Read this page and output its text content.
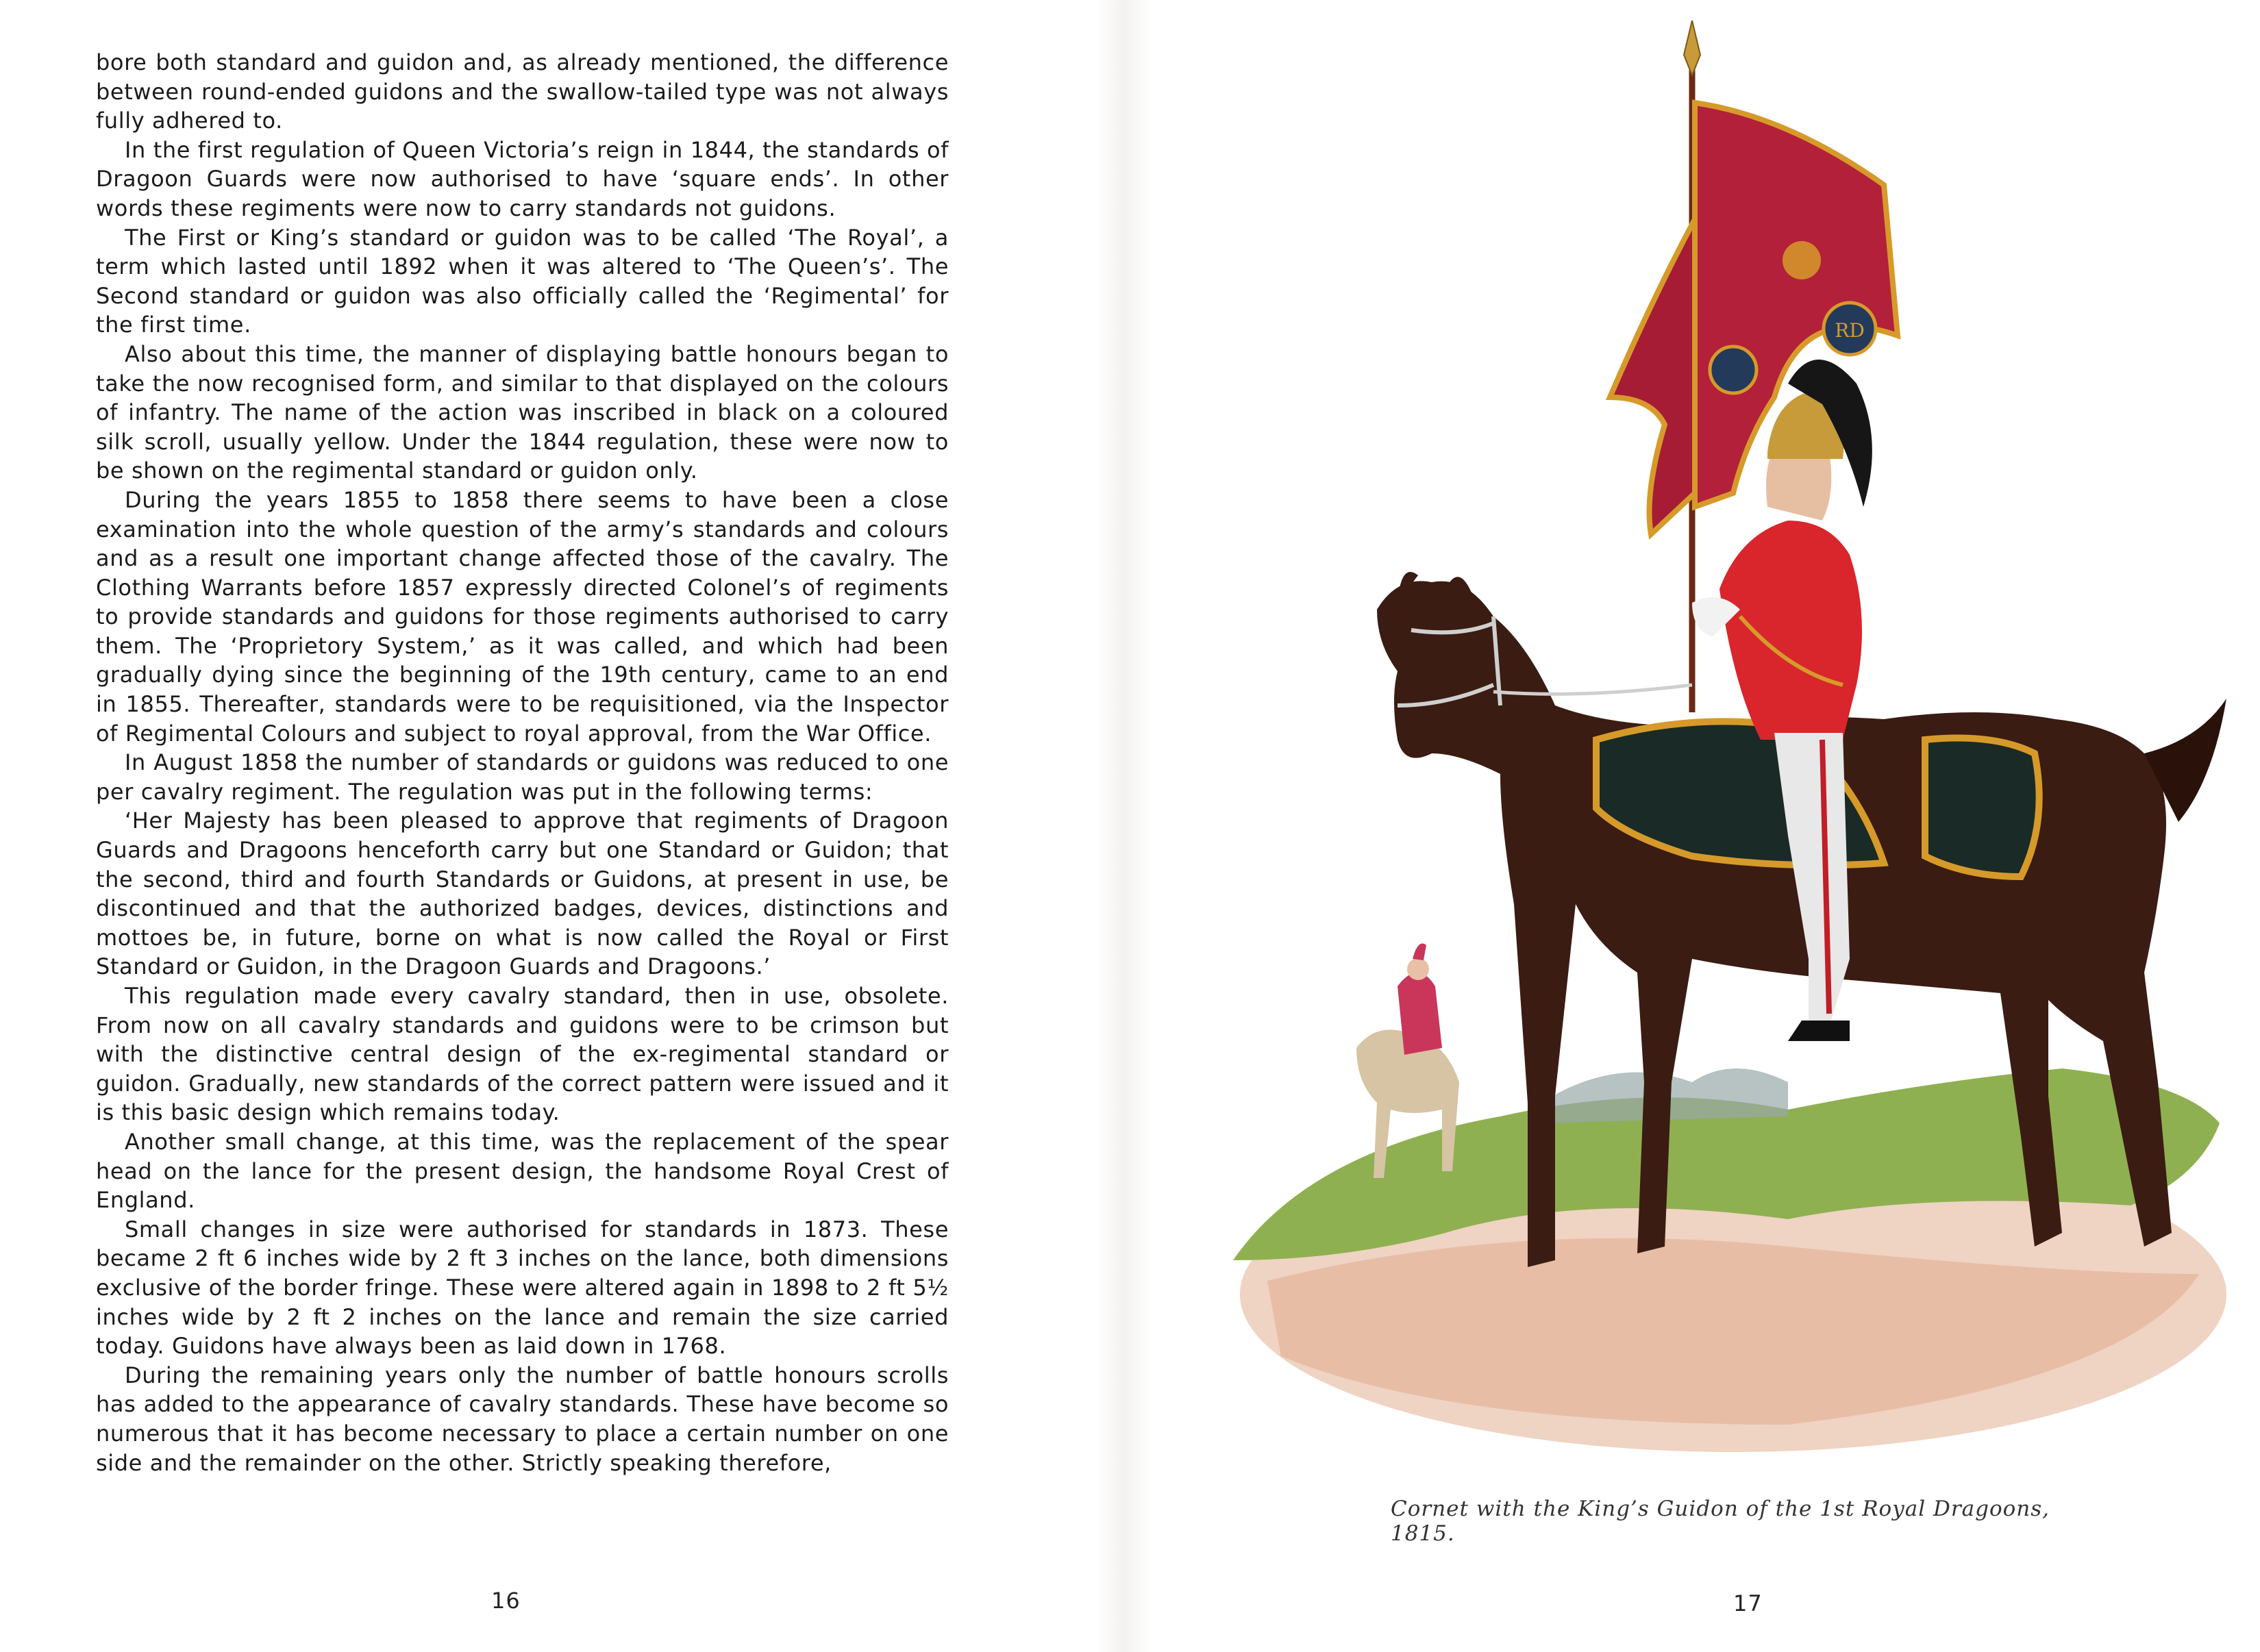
bore both standard and guidon and, as already mentioned, the difference between round-ended guidons and the swallow-tailed type was not always fully adhered to.

In the first regulation of Queen Victoria’s reign in 1844, the standards of Dragoon Guards were now authorised to have ‘square ends’. In other words these regiments were now to carry standards not guidons.

The First or King’s standard or guidon was to be called ‘The Royal’, a term which lasted until 1892 when it was altered to ‘The Queen’s’. The Second standard or guidon was also officially called the ‘Regimental’ for the first time.

Also about this time, the manner of displaying battle honours began to take the now recognised form, and similar to that displayed on the colours of infantry. The name of the action was inscribed in black on a coloured silk scroll, usually yellow. Under the 1844 regulation, these were now to be shown on the regimental standard or guidon only.

During the years 1855 to 1858 there seems to have been a close examination into the whole question of the army’s standards and colours and as a result one important change affected those of the cavalry. The Clothing Warrants before 1857 expressly directed Colonel’s of regiments to provide standards and guidons for those regiments authorised to carry them. The ‘Proprietory System,’ as it was called, and which had been gradually dying since the beginning of the 19th century, came to an end in 1855. Thereafter, standards were to be requisitioned, via the Inspector of Regimental Colours and subject to royal approval, from the War Office.

In August 1858 the number of standards or guidons was reduced to one per cavalry regiment. The regulation was put in the following terms:

‘Her Majesty has been pleased to approve that regiments of Dragoon Guards and Dragoons henceforth carry but one Standard or Guidon; that the second, third and fourth Standards or Guidons, at present in use, be discontinued and that the authorized badges, devices, distinctions and mottoes be, in future, borne on what is now called the Royal or First Standard or Guidon, in the Dragoon Guards and Dragoons.’

This regulation made every cavalry standard, then in use, obsolete. From now on all cavalry standards and guidons were to be crimson but with the distinctive central design of the ex-regimental standard or guidon. Gradually, new standards of the correct pattern were issued and it is this basic design which remains today.

Another small change, at this time, was the replacement of the spear head on the lance for the present design, the handsome Royal Crest of England.

Small changes in size were authorised for standards in 1873. These became 2 ft 6 inches wide by 2 ft 3 inches on the lance, both dimensions exclusive of the border fringe. These were altered again in 1898 to 2 ft 5½ inches wide by 2 ft 2 inches on the lance and remain the size carried today. Guidons have always been as laid down in 1768.

During the remaining years only the number of battle honours scrolls has added to the appearance of cavalry standards. These have become so numerous that it has become necessary to place a certain number on one side and the remainder on the other. Strictly speaking therefore,

16
RD
Cornet with the King’s Guidon of the 1st Royal Dragoons, 1815.
17
